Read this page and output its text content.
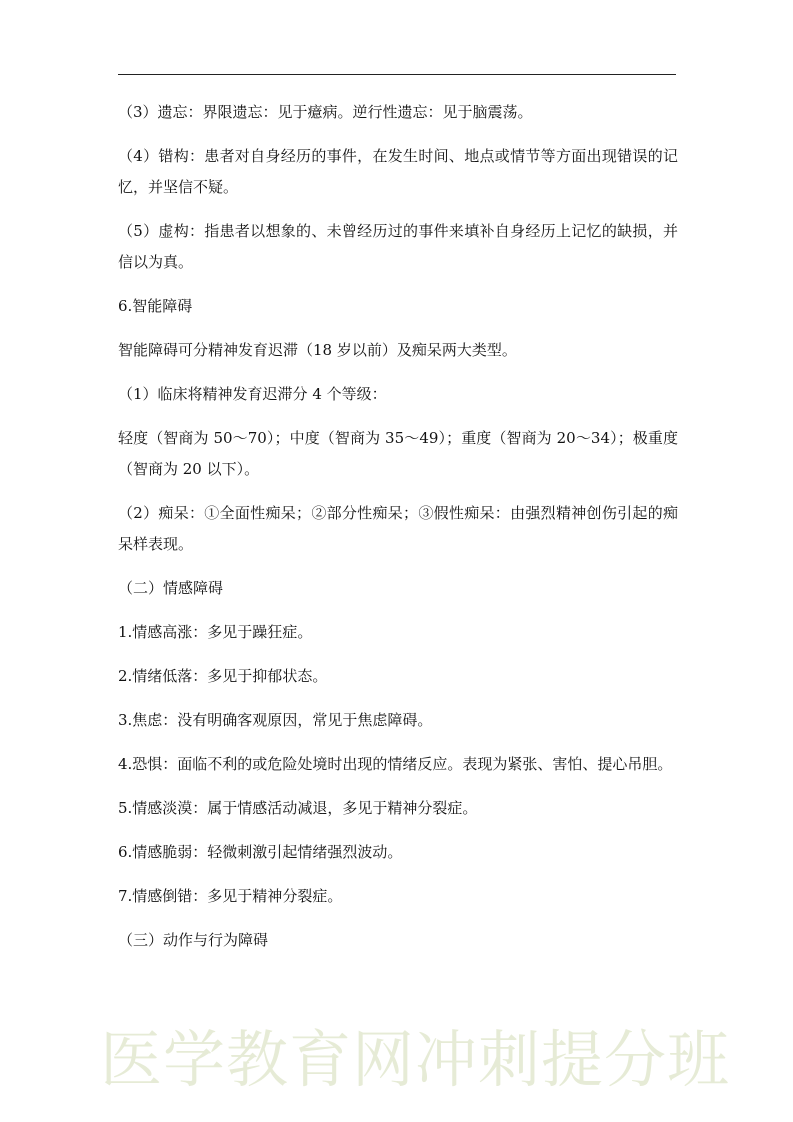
（3）遗忘：界限遗忘：见于癔病。逆行性遗忘：见于脑震荡。

（4）错构：患者对自身经历的事件，在发生时间、地点或情节等方面出现错误的记忆，并坚信不疑。

（5）虚构：指患者以想象的、未曾经历过的事件来填补自身经历上记忆的缺损，并信以为真。

6.智能障碍

智能障碍可分精神发育迟滞（18 岁以前）及痴呆两大类型。

（1）临床将精神发育迟滞分 4 个等级：

轻度（智商为 50～70）；中度（智商为 35～49）；重度（智商为 20～34）；极重度（智商为 20 以下）。

（2）痴呆：①全面性痴呆；②部分性痴呆；③假性痴呆：由强烈精神创伤引起的痴呆样表现。

（二）情感障碍

1.情感高涨：多见于躁狂症。

2.情绪低落：多见于抑郁状态。

3.焦虑：没有明确客观原因，常见于焦虑障碍。

4.恐惧：面临不利的或危险处境时出现的情绪反应。表现为紧张、害怕、提心吊胆。

5.情感淡漠：属于情感活动减退，多见于精神分裂症。

6.情感脆弱：轻微刺激引起情绪强烈波动。

7.情感倒错：多见于精神分裂症。

（三）动作与行为障碍

医学教育网冲刺提分班
